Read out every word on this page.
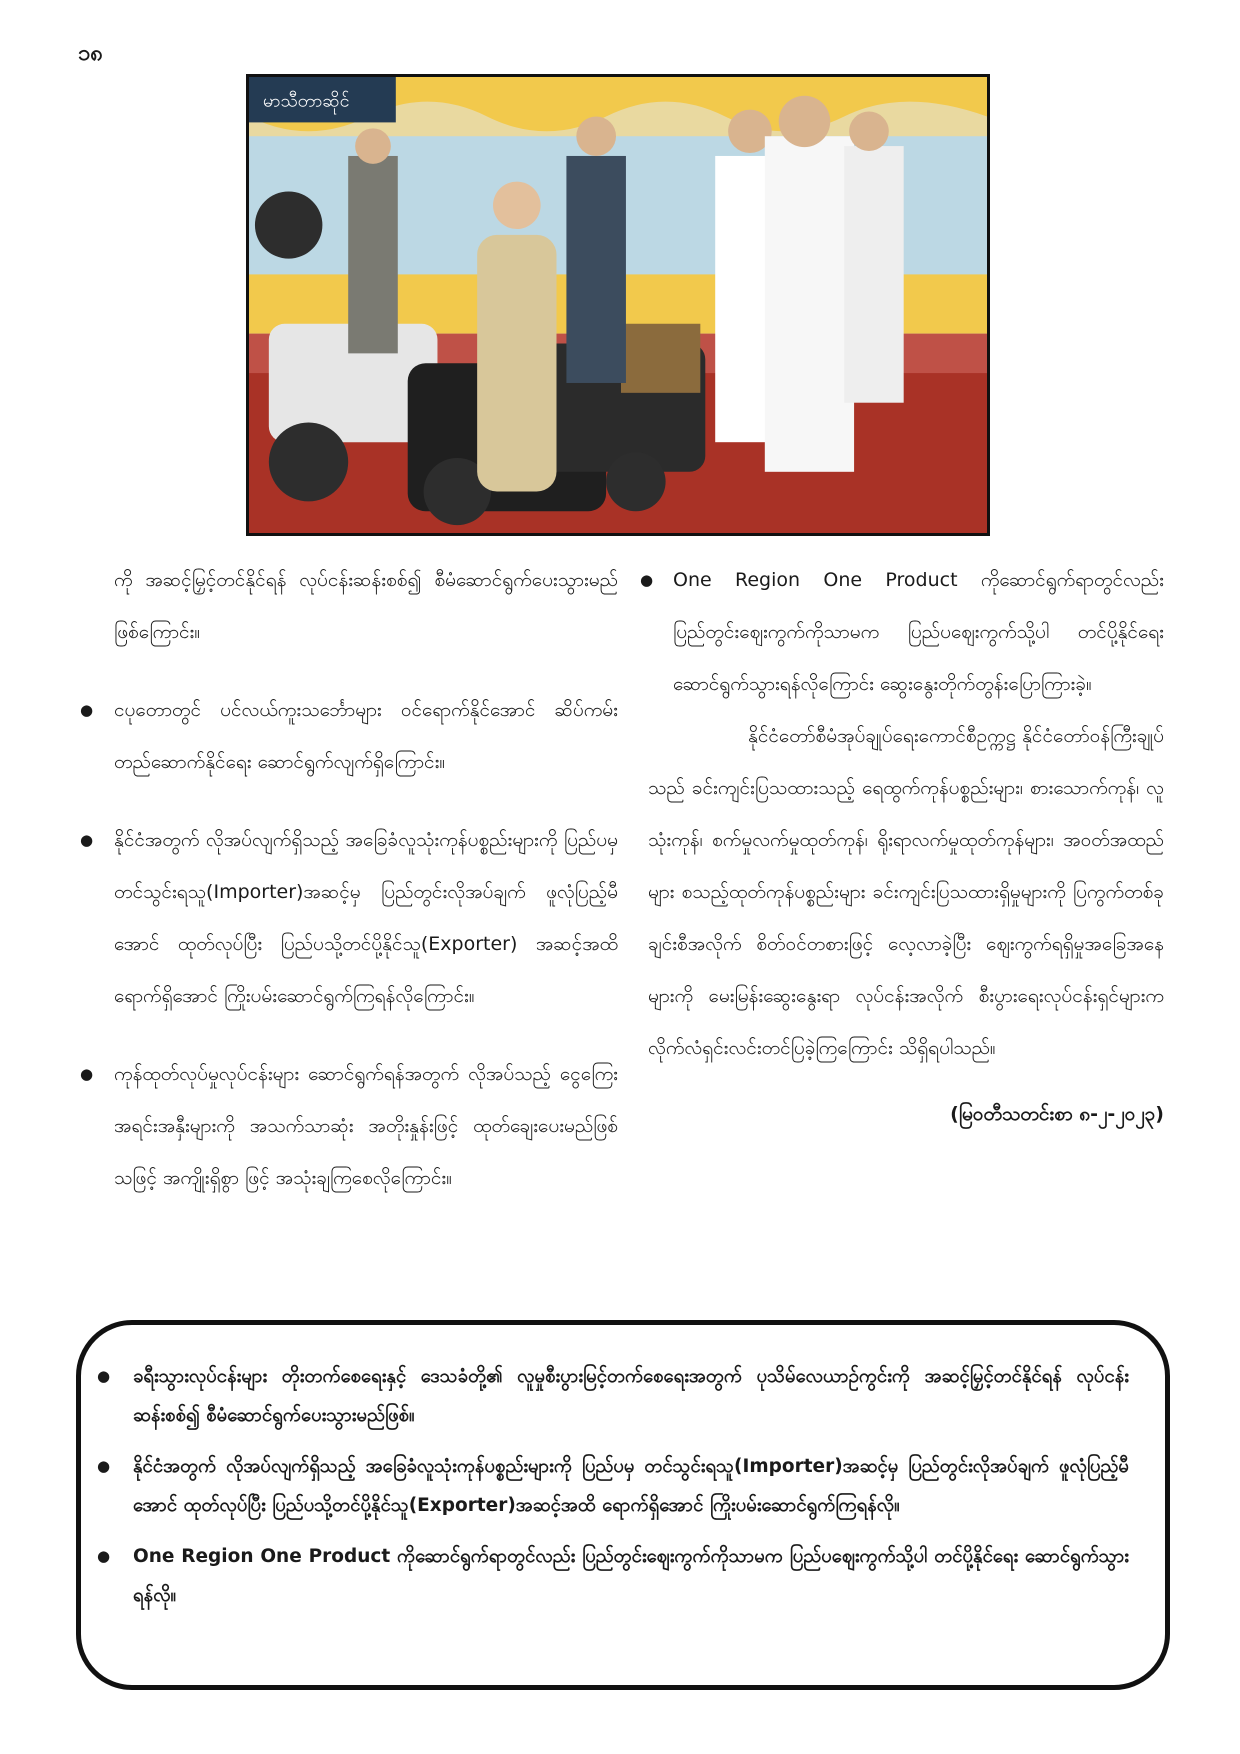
၁၈
မာသီတာဆိုင်

ကို အဆင့်မြှင့်တင်နိုင်ရန် လုပ်ငန်းဆန်းစစ်၍ စီမံဆောင်ရွက်ပေးသွားမည်ဖြစ်ကြောင်း။

● ငပုတောတွင် ပင်လယ်ကူးသင်္ဘောများ ဝင်ရောက်နိုင်အောင် ဆိပ်ကမ်းတည်ဆောက်နိုင်ရေး ဆောင်ရွက်လျက်ရှိကြောင်း။

● နိုင်ငံအတွက် လိုအပ်လျက်ရှိသည့် အခြေခံလူသုံးကုန်ပစ္စည်းများကို ပြည်ပမှ တင်သွင်းရသူ(Importer)အဆင့်မှ ပြည်တွင်းလိုအပ်ချက် ဖူလုံပြည့်မီအောင် ထုတ်လုပ်ပြီး ပြည်ပသို့တင်ပို့နိုင်သူ(Exporter) အဆင့်အထိရောက်ရှိအောင် ကြိုးပမ်းဆောင်ရွက်ကြရန်လိုကြောင်း။

● ကုန်ထုတ်လုပ်မှုလုပ်ငန်းများ ဆောင်ရွက်ရန်အတွက် လိုအပ်သည့် ငွေကြေးအရင်းအနှီးများကို အသက်သာဆုံး အတိုးနှုန်းဖြင့် ထုတ်ချေးပေးမည်ဖြစ်သဖြင့် အကျိုးရှိစွာ ဖြင့် အသုံးချကြစေလိုကြောင်း။

● One Region One Product ကိုဆောင်ရွက်ရာတွင်လည်း ပြည်တွင်းဈေးကွက်ကိုသာမက ပြည်ပဈေးကွက်သို့ပါ တင်ပို့နိုင်ရေး ဆောင်ရွက်သွားရန်လိုကြောင်း ဆွေးနွေးတိုက်တွန်းပြောကြားခဲ့။

နိုင်ငံတော်စီမံအုပ်ချုပ်ရေးကောင်စီဥက္ကဋ္ဌ နိုင်ငံတော်ဝန်ကြီးချုပ်သည် ခင်းကျင်းပြသထားသည့် ရေထွက်ကုန်ပစ္စည်းများ၊ စားသောက်ကုန်၊ လူသုံးကုန်၊ စက်မှုလက်မှုထုတ်ကုန်၊ ရိုးရာလက်မှုထုတ်ကုန်များ၊ အဝတ်အထည်များ စသည့်ထုတ်ကုန်ပစ္စည်းများ ခင်းကျင်းပြသထားရှိမှုများကို ပြကွက်တစ်ခုချင်းစီအလိုက် စိတ်ဝင်တစားဖြင့် လေ့လာခဲ့ပြီး ဈေးကွက်ရရှိမှုအခြေအနေများကို မေးမြန်းဆွေးနွေးရာ လုပ်ငန်းအလိုက် စီးပွားရေးလုပ်ငန်းရှင်များက လိုက်လံရှင်းလင်းတင်ပြခဲ့ကြကြောင်း သိရှိရပါသည်။

(မြဝတီသတင်းစာ ၈-၂-၂၀၂၃)

● ခရီးသွားလုပ်ငန်းများ တိုးတက်စေရေးနှင့် ဒေသခံတို့၏ လူမှုစီးပွားမြင့်တက်စေရေးအတွက် ပုသိမ်လေယာဉ်ကွင်းကို အဆင့်မြှင့်တင်နိုင်ရန် လုပ်ငန်းဆန်းစစ်၍ စီမံဆောင်ရွက်ပေးသွားမည်ဖြစ်။

● နိုင်ငံအတွက် လိုအပ်လျက်ရှိသည့် အခြေခံလူသုံးကုန်ပစ္စည်းများကို ပြည်ပမှ တင်သွင်းရသူ(Importer)အဆင့်မှ ပြည်တွင်းလိုအပ်ချက် ဖူလုံပြည့်မီအောင် ထုတ်လုပ်ပြီး ပြည်ပသို့တင်ပို့နိုင်သူ(Exporter)အဆင့်အထိ ရောက်ရှိအောင် ကြိုးပမ်းဆောင်ရွက်ကြရန်လို။

● One Region One Product ကိုဆောင်ရွက်ရာတွင်လည်း ပြည်တွင်းဈေးကွက်ကိုသာမက ပြည်ပဈေးကွက်သို့ပါ တင်ပို့နိုင်ရေး ဆောင်ရွက်သွားရန်လို။
